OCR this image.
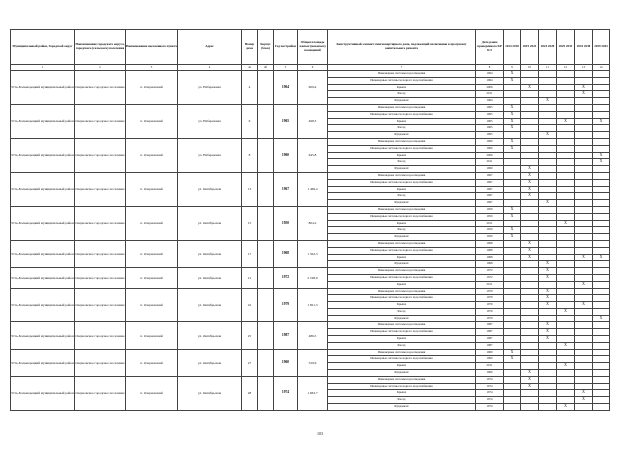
Муниципальный район, Городской округ	Наименование городского округа, городского (сельского) поселения	Наименование населенного пункта	Адрес	Номер дома	Корпус (блок)	Год постройки	Общая площадь жилых (нежилых) помещений	Конструктивный элемент многоквартирного дома, подлежащий включению в программу капитального ремонта	Дата ранее проведенного КР КЭ	2014 2018	2019 2023	2024 2028	2029 2033	2034 2038	2039 2043
1	2	3	4	4а	4б	5	6	7	8	9	10	11	12	13	14
Усть-Большерецкий муниципальный район	Озерновское городское поселение	п. Озерновский	ул. Набережная	4		1964	609,4	Инженерные системы водоотведения	1964	X					
								Инженерные системы холодного водоснабжения	1964	X					
								Крыша	2006		X			X	
								Фасад	2011					X	
								Фундамент	1964			X			
Усть-Большерецкий муниципальный район	Озерновское городское поселение	п. Озерновский	ул. Набережная	6		1965	498,3	Инженерные системы водоотведения	1965	X					
								Инженерные системы холодного водоснабжения	1965	X					
								Крыша	1965	X			X		X
								Фасад	1965	X					
								Фундамент	1965			X			
Усть-Большерецкий муниципальный район	Озерновское городское поселение	п. Озерновский	ул. Набережная	8		1960	645,8	Инженерные системы водоотведения	1960	X					
								Инженерные системы холодного водоснабжения	1960	X					
								Крыша	2006						X
								Фасад	2011						X
								Фундамент	1960		X				
Усть-Большерецкий муниципальный район	Озерновское городское поселение	п. Озерновский	ул. Октябрьская	13		1967	1 469,4	Инженерные системы водоотведения	1967		X				
								Инженерные системы холодного водоснабжения	1967		X				
								Крыша	1967		X				
								Фасад	1967		X				
								Фундамент	1967			X			
Усть-Большерецкий муниципальный район	Озерновское городское поселение	п. Озерновский	ул. Октябрьская	15		1950	804,2	Инженерные системы водоотведения	1950	X					
								Инженерные системы холодного водоснабжения	1950	X					
								Крыша	2011				X		
								Фасад	1950	X					
								Фундамент	1950	X					
Усть-Большерецкий муниципальный район	Озерновское городское поселение	п. Озерновский	ул. Октябрьская	17		1968	1 502,3	Инженерные системы водоотведения	1968		X				
								Инженерные системы холодного водоснабжения	1968		X				
								Крыша	1968		X			X	X
								Фундамент	1968			X			
Усть-Большерецкий муниципальный район	Озерновское городское поселение	п. Озерновский	ул. Октябрьская	21		1972	2 198,9	Инженерные системы водоотведения	1972			X			
								Инженерные системы холодного водоснабжения	1972			X			
								Крыша	2011					X	
Усть-Большерецкий муниципальный район	Озерновское городское поселение	п. Озерновский	ул. Октябрьская	22		1979	1 821,3	Инженерные системы водоотведения	1979			X			
								Инженерные системы холодного водоснабжения	1979			X			
								Крыша	1979			X		X	
								Фасад	1979				X		
								Фундамент	1979						X
Усть-Большерецкий муниципальный район	Озерновское городское поселение	п. Озерновский	ул. Октябрьская	25		1987	486,5	Инженерные системы водоотведения	1987			X			
								Инженерные системы холодного водоснабжения	1987			X			
								Крыша	1987			X			
								Фасад	1987				X		
Усть-Большерецкий муниципальный район	Озерновское городское поселение	п. Озерновский	ул. Октябрьская	27		1960	529,6	Инженерные системы водоотведения	1960	X					
								Инженерные системы холодного водоснабжения	1960	X					
								Крыша	2011				X		
								Фундамент	1960		X				
Усть-Большерецкий муниципальный район	Озерновское городское поселение	п. Озерновский	ул. Октябрьская	28		1974	1 663,7	Инженерные системы водоотведения	1974		X				
								Инженерные системы холодного водоснабжения	1974		X				
								Крыша	1974					X	
								Фасад	1974					X	
								Фундамент	1974				X		
103
